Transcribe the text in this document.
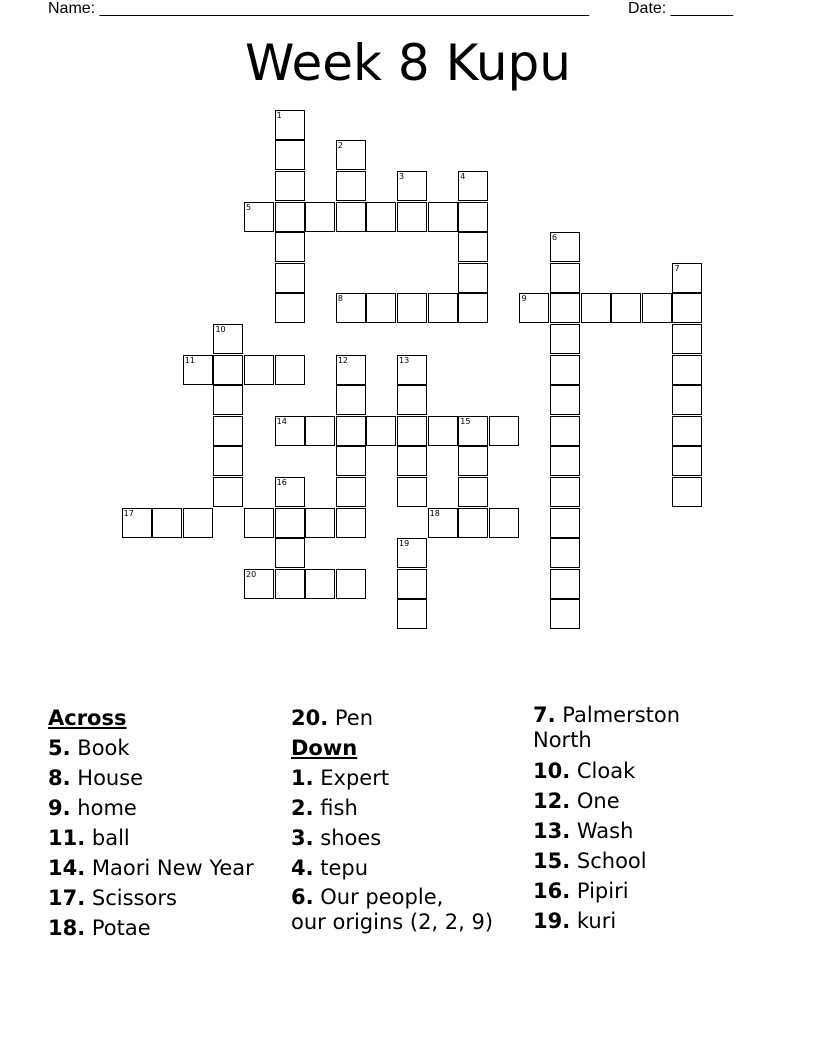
Name: _______________________________________________________ Date: _______
Week 8 Kupu
1
2
3	4
5
6
7
8	9
10
11	12	13
14	15
16
17	18
19
20
Across
5. Book
8. House
9. home
11. ball
14. Maori New Year
17. Scissors
18. Potae
20. Pen
Down
1. Expert
2. fish
3. shoes
4. tepu
6. Our people,
our origins (2, 2, 9)
7. Palmerston
North
10. Cloak
12. One
13. Wash
15. School
16. Pipiri
19. kuri
